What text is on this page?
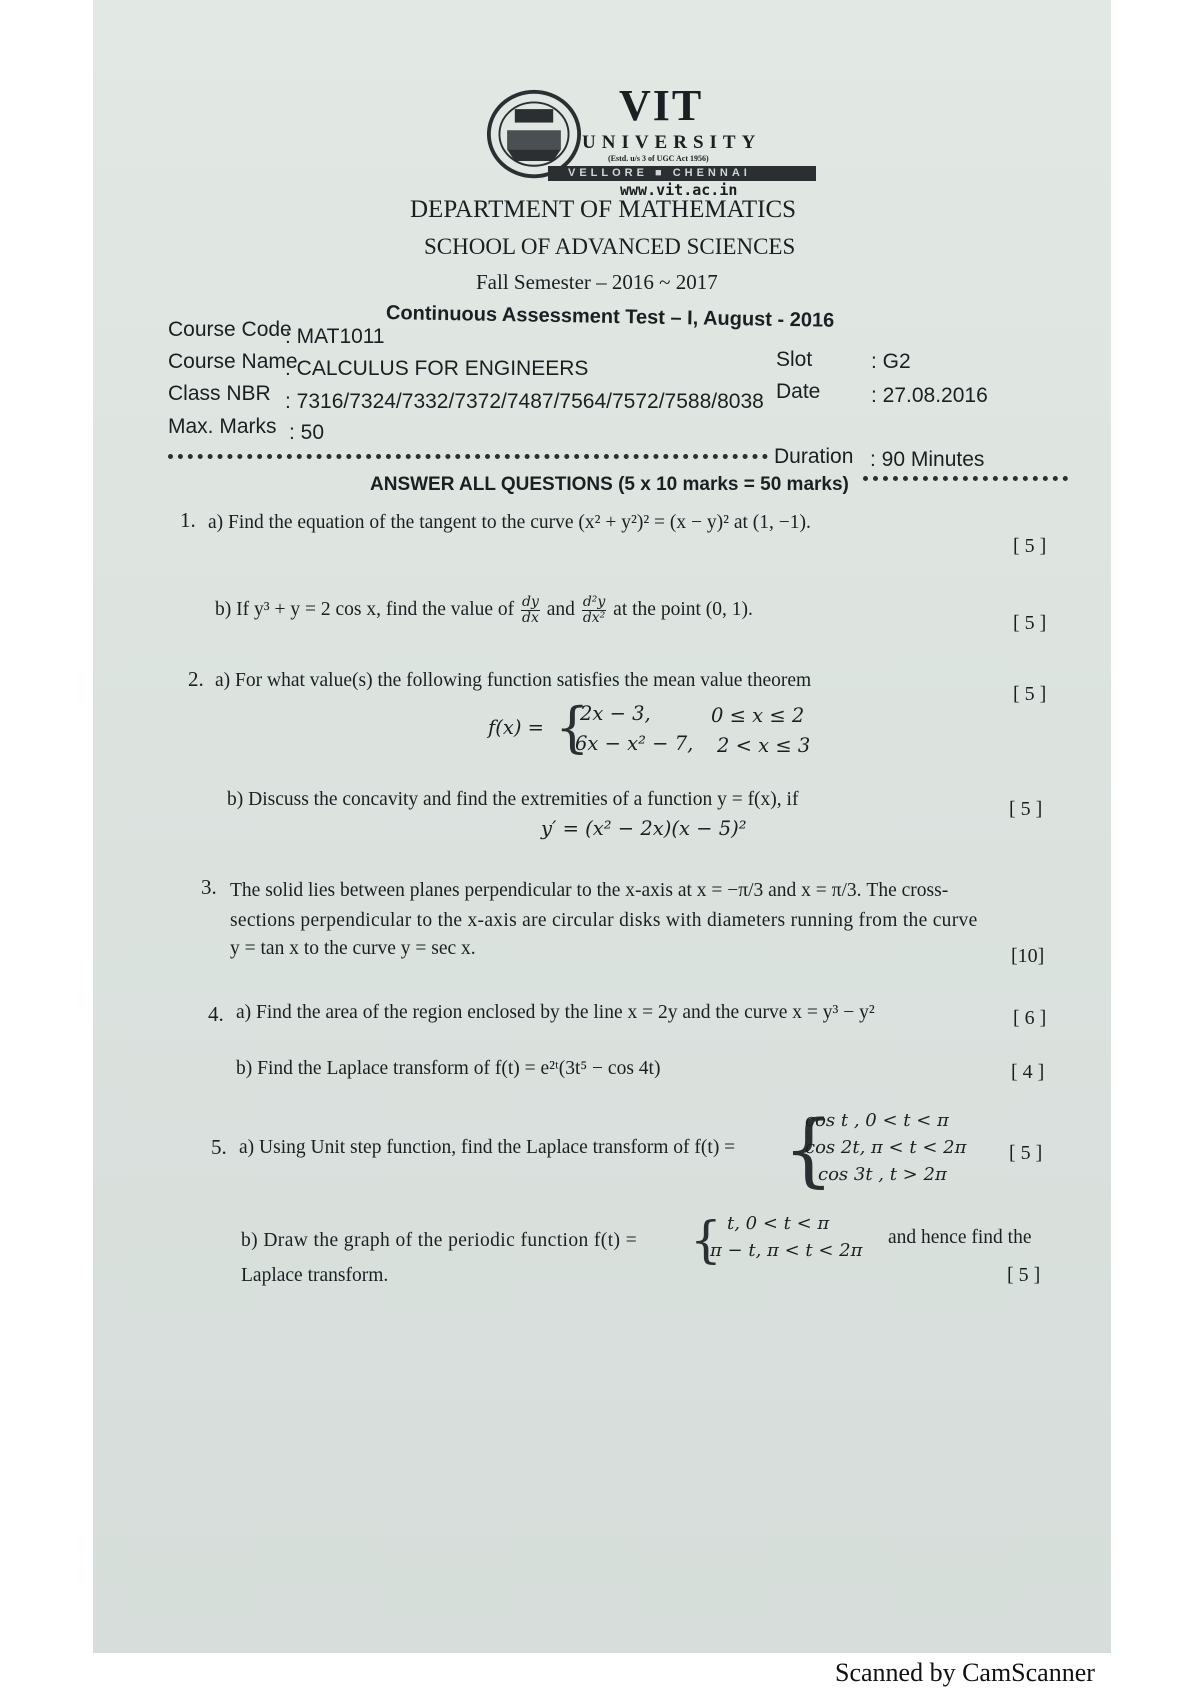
VIT
UNIVERSITY
(Estd. u/s 3 of UGC Act 1956)
VELLORE ■ CHENNAI
www.vit.ac.in
DEPARTMENT OF MATHEMATICS
SCHOOL OF ADVANCED SCIENCES
Fall Semester – 2016 ~ 2017
Continuous Assessment Test – I, August - 2016
Course Code
: MAT1011
Course Name
: CALCULUS FOR ENGINEERS
Class NBR : 7316/7324/7332/7372/7487/7564/7572/7588/8038
Max. Marks : 50
Slot	: G2
Date : 27.08.2016
Duration : 90 Minutes
ANSWER ALL QUESTIONS (5 x 10 marks = 50 marks)
1. a) Find the equation of the tangent to the curve (x² + y²)² = (x − y)² at (1, −1).
[ 5 ]
b) If y³ + y = 2 cos x, find the value of $\frac{dy}{dx}$ and $\frac{\text{d²y}}{\text{dx²}}$ at the point (0, 1).
[ 5 ]
2. a) For what value(s) the following function satisfies the mean value theorem
[ 5 ]
f(x) = {
2x − 3,	0 ≤ x ≤ 2
6x − x² − 7, 2 < x ≤ 3
b) Discuss the concavity and find the extremities of a function y = f(x), if	[ 5 ]
y′ = (x² − 2x)(x − 5)²
3. The solid lies between planes perpendicular to the x-axis at x = −π/3 and x = π/3. The cross-
sections perpendicular to the x-axis are circular disks with diameters running from the curve
y = tan x to the curve y = sec x.	[10]
4. a) Find the area of the region enclosed by the line x = 2y and the curve x = y³ − y²	[ 6 ]
b) Find the Laplace transform of f(t) = e²ᵗ(3t⁵ − cos 4t)	[ 4 ]
5. a) Using Unit step function, find the Laplace transform of f(t) = {
cos t , 0 < t < π
cos 2t, π < t < 2π
cos 3t , t > 2π
[ 5 ]
b) Draw the graph of the periodic function f(t) = { t, 0 < t < π
π − t, π < t < 2π
and hence find the
Laplace transform.	[ 5 ]
Scanned by CamScanner
